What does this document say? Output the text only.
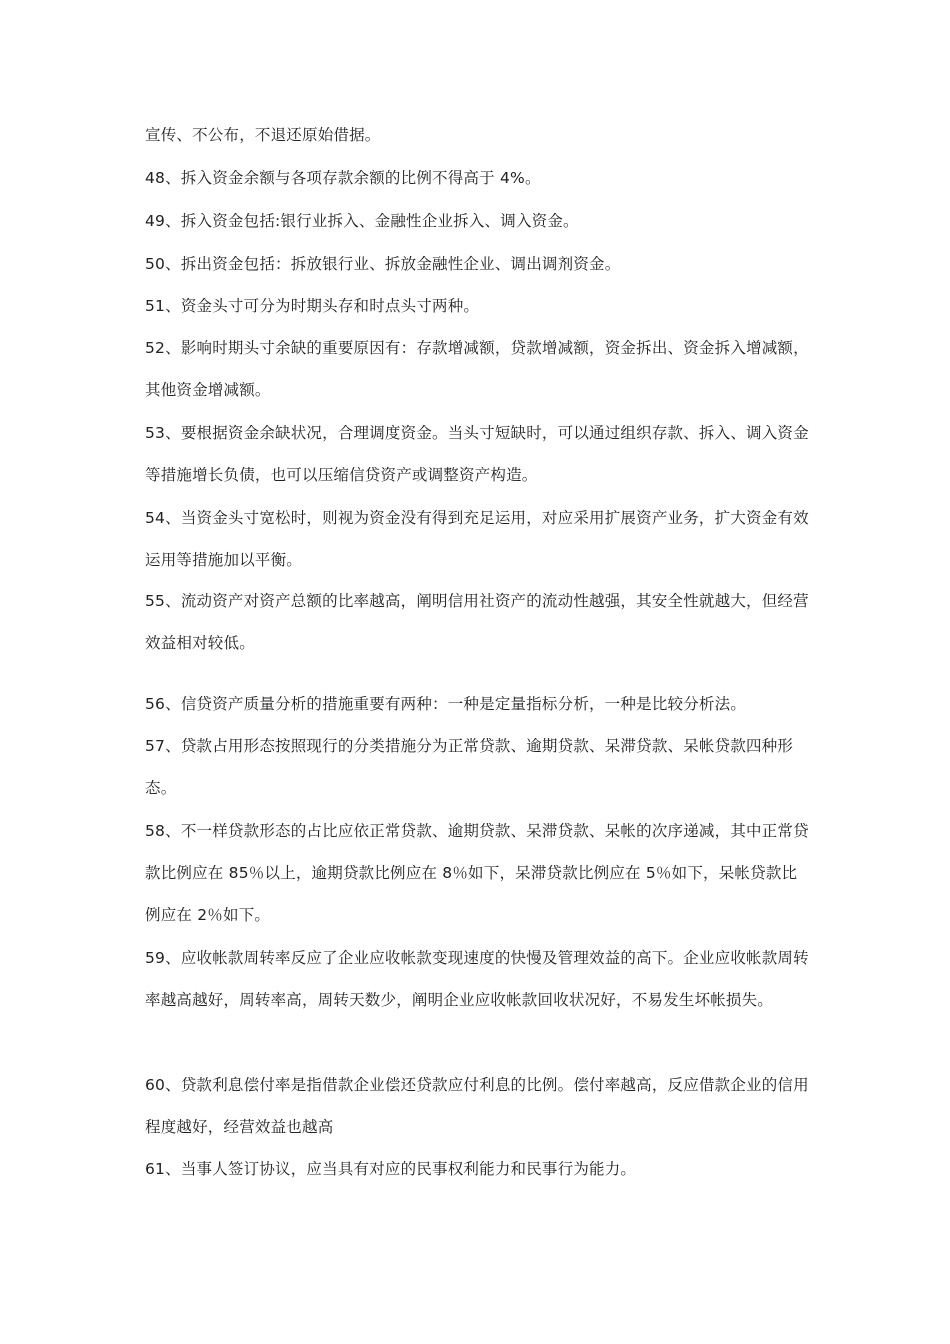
宣传、不公布，不退还原始借据。

48、拆入资金余额与各项存款余额的比例不得高于 4%。

49、拆入资金包括:银行业拆入、金融性企业拆入、调入资金。

50、拆出资金包括：拆放银行业、拆放金融性企业、调出调剂资金。

51、资金头寸可分为时期头存和时点头寸两种。

52、影响时期头寸余缺的重要原因有：存款增减额，贷款增减额，资金拆出、资金拆入增减额，其他资金增减额。

53、要根据资金余缺状况，合理调度资金。当头寸短缺时，可以通过组织存款、拆入、调入资金等措施增长负债，也可以压缩信贷资产或调整资产构造。

54、当资金头寸宽松时，则视为资金没有得到充足运用，对应采用扩展资产业务，扩大资金有效运用等措施加以平衡。

55、流动资产对资产总额的比率越高，阐明信用社资产的流动性越强，其安全性就越大，但经营效益相对较低。

56、信贷资产质量分析的措施重要有两种：一种是定量指标分析，一种是比较分析法。

57、贷款占用形态按照现行的分类措施分为正常贷款、逾期贷款、呆滞贷款、呆帐贷款四种形态。

58、不一样贷款形态的占比应依正常贷款、逾期贷款、呆滞贷款、呆帐的次序递减，其中正常贷款比例应在 85％以上，逾期贷款比例应在 8％如下，呆滞贷款比例应在 5％如下，呆帐贷款比例应在 2％如下。

59、应收帐款周转率反应了企业应收帐款变现速度的快慢及管理效益的高下。企业应收帐款周转率越高越好，周转率高，周转天数少，阐明企业应收帐款回收状况好，不易发生坏帐损失。

60、贷款利息偿付率是指借款企业偿还贷款应付利息的比例。偿付率越高，反应借款企业的信用程度越好，经营效益也越高

61、当事人签订协议，应当具有对应的民事权利能力和民事行为能力。
